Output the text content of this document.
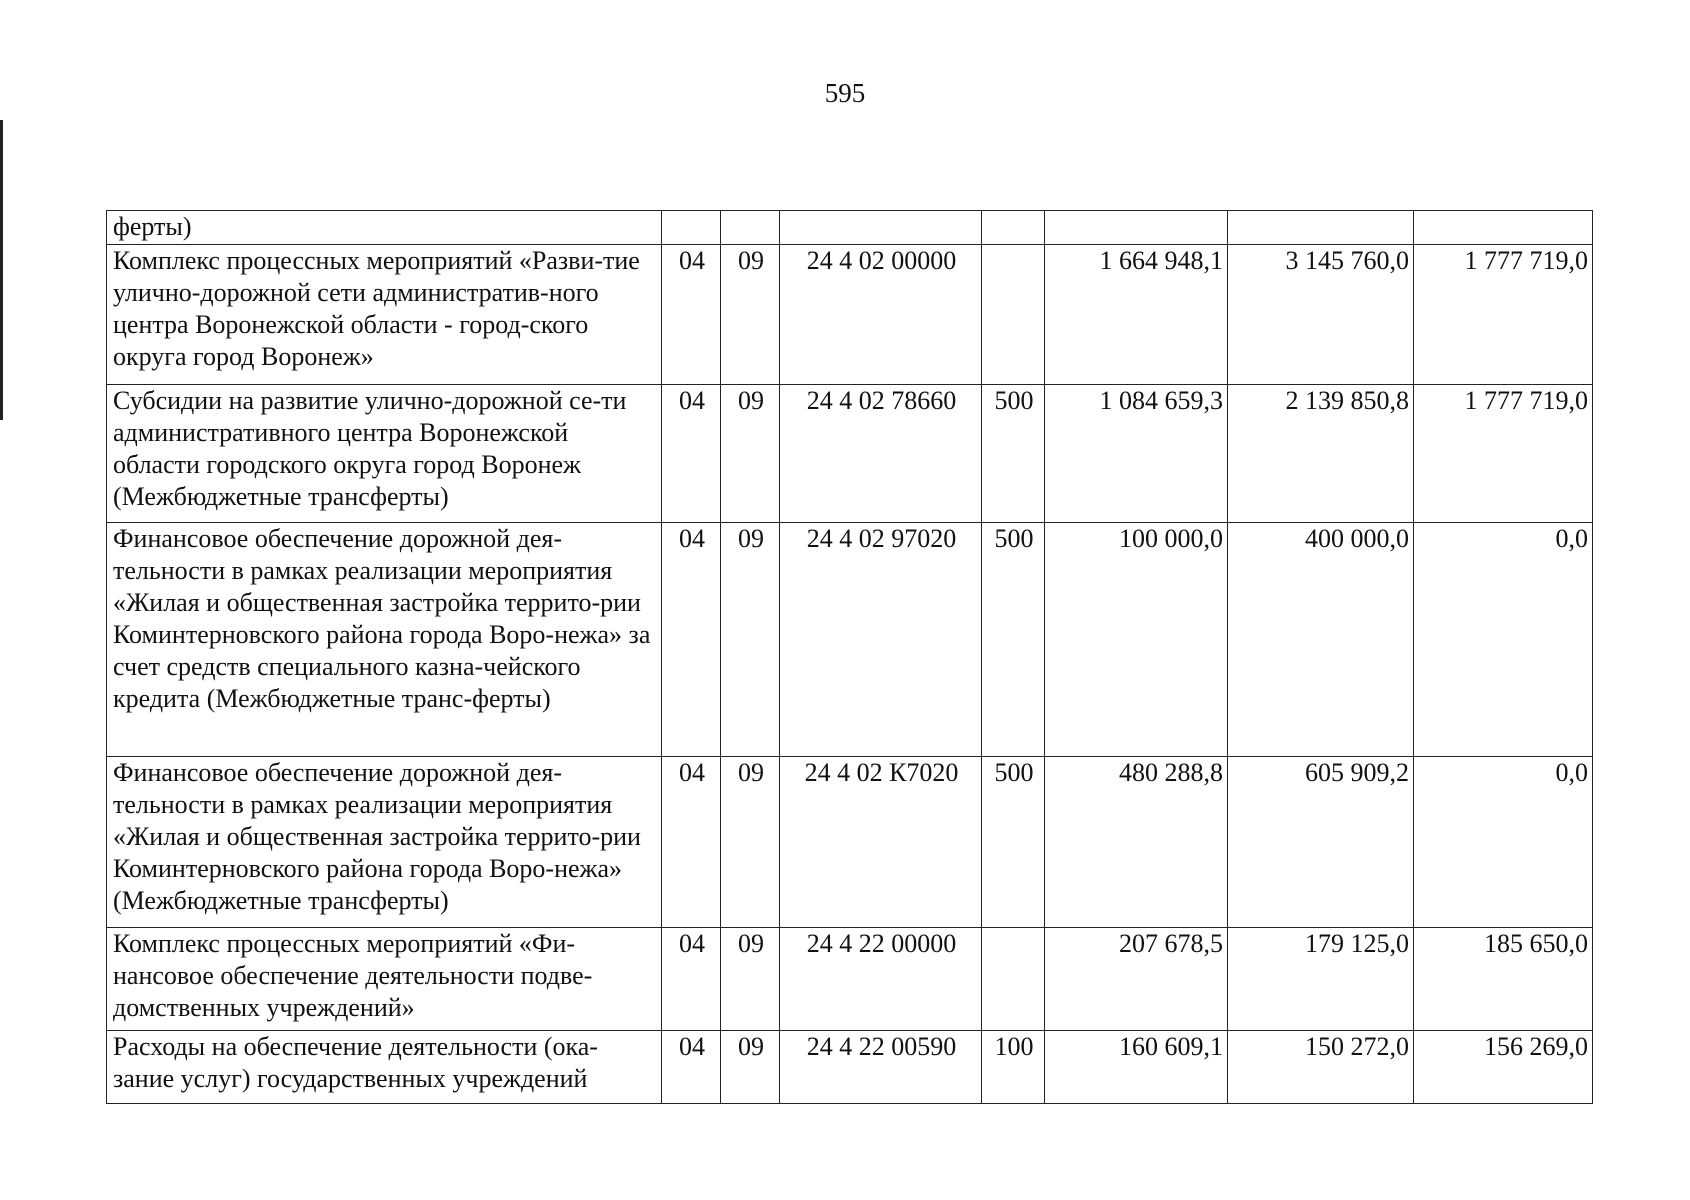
595
ферты)							
Комплекс процессных мероприятий «Разви-тие улично-дорожной сети административ-ного центра Воронежской области - город-ского округа город Воронеж»	04	09	24 4 02 00000		1 664 948,1	3 145 760,0	1 777 719,0
Субсидии на развитие улично-дорожной се-ти административного центра Воронежской области городского округа город Воронеж (Межбюджетные трансферты)	04	09	24 4 02 78660	500	1 084 659,3	2 139 850,8	1 777 719,0
Финансовое обеспечение дорожной дея-тельности в рамках реализации мероприятия «Жилая и общественная застройка террито-рии Коминтерновского района города Воро-нежа» за счет средств специального казна-чейского кредита (Межбюджетные транс-ферты)	04	09	24 4 02 97020	500	100 000,0	400 000,0	0,0
Финансовое обеспечение дорожной дея-тельности в рамках реализации мероприятия «Жилая и общественная застройка террито-рии Коминтерновского района города Воро-нежа» (Межбюджетные трансферты)	04	09	24 4 02 К7020	500	480 288,8	605 909,2	0,0
Комплекс процессных мероприятий «Фи-нансовое обеспечение деятельности подве-домственных учреждений»	04	09	24 4 22 00000		207 678,5	179 125,0	185 650,0
Расходы на обеспечение деятельности (ока-зание услуг) государственных учреждений	04	09	24 4 22 00590	100	160 609,1	150 272,0	156 269,0
